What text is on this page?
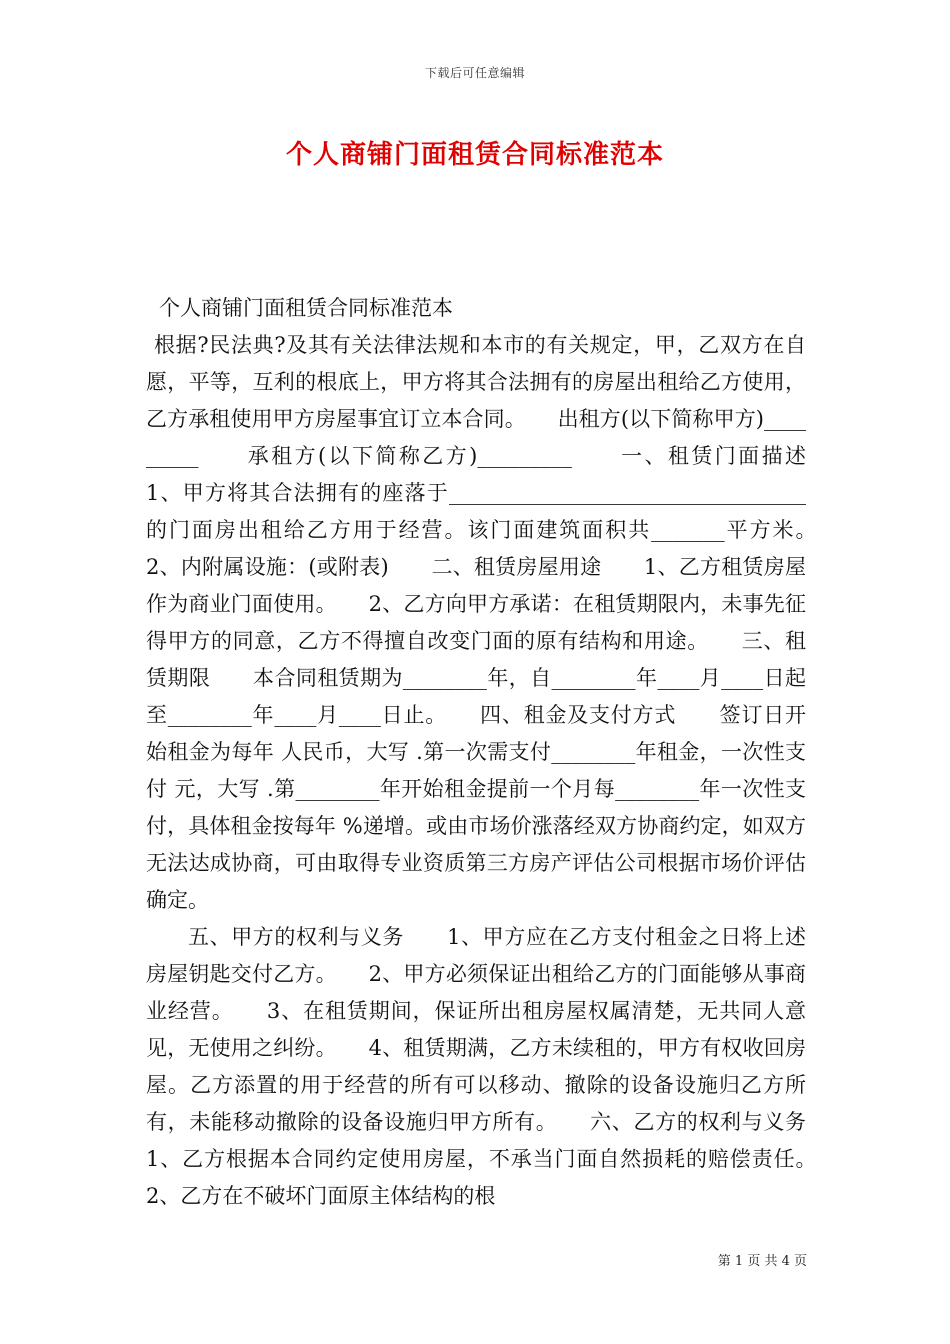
下载后可任意编辑
个人商铺门面租赁合同标准范本

个人商铺门面租赁合同标准范本

根据?民法典?及其有关法律法规和本市的有关规定，甲，乙双方在自愿，平等，互利的根底上，甲方将其合法拥有的房屋出租给乙方使用，乙方承租使用甲方房屋事宜订立本合同。　　出租方(以下简称甲方)_________　　承租方(以下简称乙方)_________　　一、租赁门面描述　　1、甲方将其合法拥有的座落于__________________________________的门面房出租给乙方用于经营。该门面建筑面积共_______平方米。　　2、内附属设施：(或附表)　　二、租赁房屋用途　　1、乙方租赁房屋作为商业门面使用。　　2、乙方向甲方承诺：在租赁期限内，未事先征得甲方的同意，乙方不得擅自改变门面的原有结构和用途。　　三、租赁期限　　本合同租赁期为________年，自________年____月____日起至________年____月____日止。　　四、租金及支付方式　　签订日开始租金为每年 人民币，大写 .第一次需支付________年租金，一次性支付 元，大写 .第________年开始租金提前一个月每________年一次性支付，具体租金按每年 %递增。或由市场价涨落经双方协商约定，如双方无法达成协商，可由取得专业资质第三方房产评估公司根据市场价评估确定。

五、甲方的权利与义务　　1、甲方应在乙方支付租金之日将上述房屋钥匙交付乙方。　　2、甲方必须保证出租给乙方的门面能够从事商业经营。　　3、在租赁期间，保证所出租房屋权属清楚，无共同人意见，无使用之纠纷。　　4、租赁期满，乙方未续租的，甲方有权收回房屋。乙方添置的用于经营的所有可以移动、撤除的设备设施归乙方所有，未能移动撤除的设备设施归甲方所有。　　六、乙方的权利与义务　　1、乙方根据本合同约定使用房屋，不承当门面自然损耗的赔偿责任。　　2、乙方在不破坏门面原主体结构的根

第 1 页 共 4 页
